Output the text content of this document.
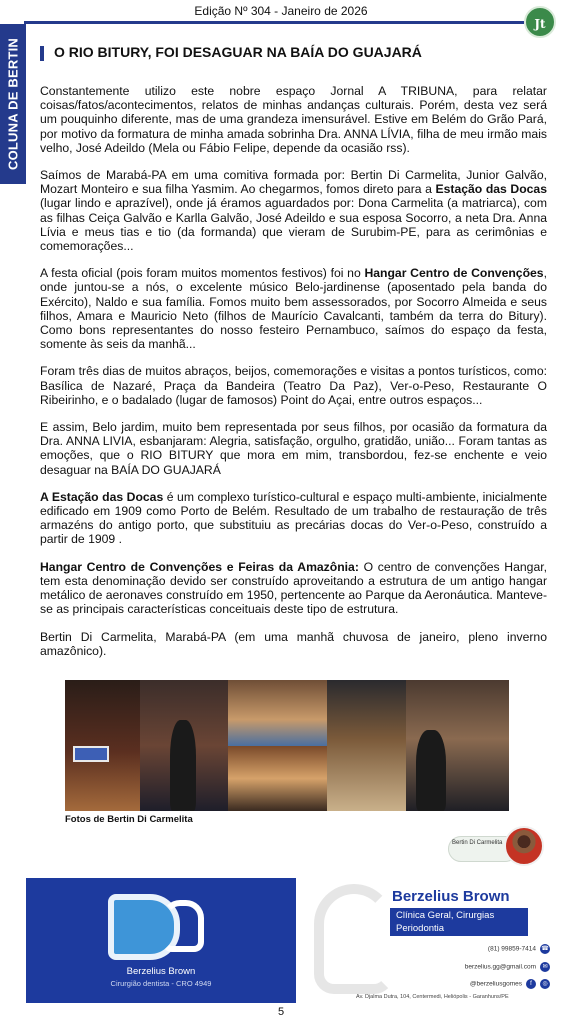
Edição Nº 304 - Janeiro de 2026
Jt
COLUNA DE BERTIN O RIO BITURY, FOI DESAGUAR NA BAÍA DO GUAJARÁ

Constantemente utilizo este nobre espaço Jornal A TRIBUNA, para relatar coisas/fatos/acontecimentos, relatos de minhas andanças culturais. Porém, desta vez será um pouquinho diferente, mas de uma grandeza imensurável. Estive em Belém do Grão Pará, por motivo da formatura de minha amada sobrinha Dra. ANNA LÍVIA, filha de meu irmão mais velho, José Adeildo (Mela ou Fábio Felipe, depende da ocasião rss).

Saímos de Marabá-PA em uma comitiva formada por: Bertin Di Carmelita, Junior Galvão, Mozart Monteiro e sua filha Yasmim. Ao chegarmos, fomos direto para a Estação das Docas (lugar lindo e aprazível), onde já éramos aguardados por: Dona Carmelita (a matriarca), com as filhas Ceiça Galvão e Karlla Galvão, José Adeildo e sua esposa Socorro, a neta Dra. Anna Lívia e meus tias e tio (da formanda) que vieram de Surubim-PE, para as cerimônias e comemorações...

A festa oficial (pois foram muitos momentos festivos) foi no Hangar Centro de Convenções, onde juntou-se a nós, o excelente músico Belo-jardinense (aposentado pela banda do Exército), Naldo e sua família. Fomos muito bem assessorados, por Socorro Almeida e seus filhos, Amara e Mauricio Neto (filhos de Maurício Cavalcanti, também da terra do Bitury). Como bons representantes do nosso festeiro Pernambuco, saímos do espaço da festa, somente às seis da manhã...

Foram três dias de muitos abraços, beijos, comemorações e visitas a pontos turísticos, como: Basílica de Nazaré, Praça da Bandeira (Teatro Da Paz), Ver-o-Peso, Restaurante O Ribeirinho, e o badalado (lugar de famosos) Point do Açai, entre outros espaços...

E assim, Belo jardim, muito bem representada por seus filhos, por ocasião da formatura da Dra. ANNA LIVIA, esbanjaram: Alegria, satisfação, orgulho, gratidão, união... Foram tantas as emoções, que o RIO BITURY que mora em mim, transbordou, fez-se enchente e veio desaguar na BAÍA DO GUAJARÁ

A Estação das Docas é um complexo turístico-cultural e espaço multi-ambiente, inicialmente edificado em 1909 como Porto de Belém. Resultado de um trabalho de restauração de três armazéns do antigo porto, que substituiu as precárias docas do Ver-o-Peso, construído a partir de 1909 .

Hangar Centro de Convenções e Feiras da Amazônia: O centro de convenções Hangar, tem esta denominação devido ser construído aproveitando a estrutura de um antigo hangar metálico de aeronaves construído em 1950, pertencente ao Parque da Aeronáutica. Manteve-se as principais características conceituais deste tipo de estrutura.

Bertin Di Carmelita, Marabá-PA (em uma manhã chuvosa de janeiro, pleno inverno amazônico).

Fotos de Bertin Di Carmelita
Bertin Di Carmelita
Berzelius Brown
Cirurgião dentista - CRO 4949
Berzelius Brown
Clínica Geral, Cirurgias
Periodontia
(81) 99859-7414 ☎
berzelius.gg@gmail.com ✉
@berzeliusgomes f ◎
Av. Djalma Dutra, 104, Centermedi, Heliópolis - Garanhuns/PE
5
